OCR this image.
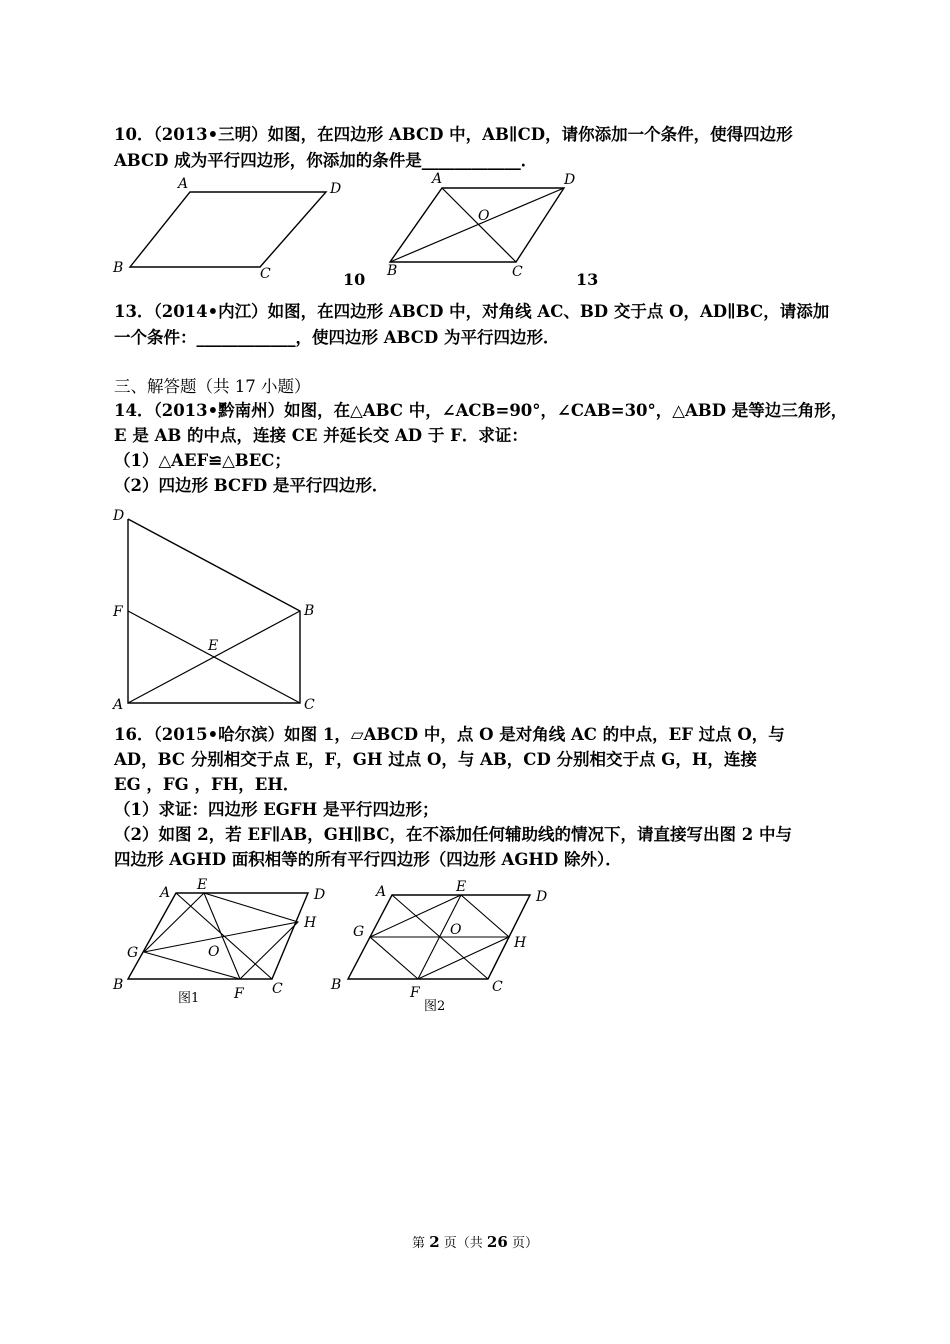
10．（2013•三明）如图，在四边形 ABCD 中，AB∥CD，请你添加一个条件，使得四边形
ABCD 成为平行四边形，你添加的条件是____________．
A	D
B	C	10
A	D
B	C
O
13
13．（2014•内江）如图，在四边形 ABCD 中，对角线 AC、BD 交于点 O，AD∥BC，请添加
一个条件：____________，使四边形 ABCD 为平行四边形．
三、解答题（共 17 小题）
14．（2013•黔南州）如图，在△ABC 中，∠ACB=90°，∠CAB=30°，△ABD 是等边三角形，
E 是 AB 的中点，连接 CE 并延长交 AD 于 F．求证：
（1）△AEF≌△BEC；
（2）四边形 BCFD 是平行四边形．
D
F	B
E
A	C
16．（2015•哈尔滨）如图 1，▱ABCD 中，点 O 是对角线 AC 的中点，EF 过点 O，与
AD，BC 分别相交于点 E，F，GH 过点 O，与 AB，CD 分别相交于点 G，H，连接
EG ，FG ，FH，EH．
（1）求证：四边形 EGFH 是平行四边形；
（2）如图 2，若 EF∥AB，GH∥BC，在不添加任何辅助线的情况下，请直接写出图 2 中与
四边形 AGHD 面积相等的所有平行四边形（四边形 AGHD 除外）．
A E
D
H
G	O
B
F C
图1
A	E
D
G	O
H
B	F	C
图2
第 2 页（共 26 页）
